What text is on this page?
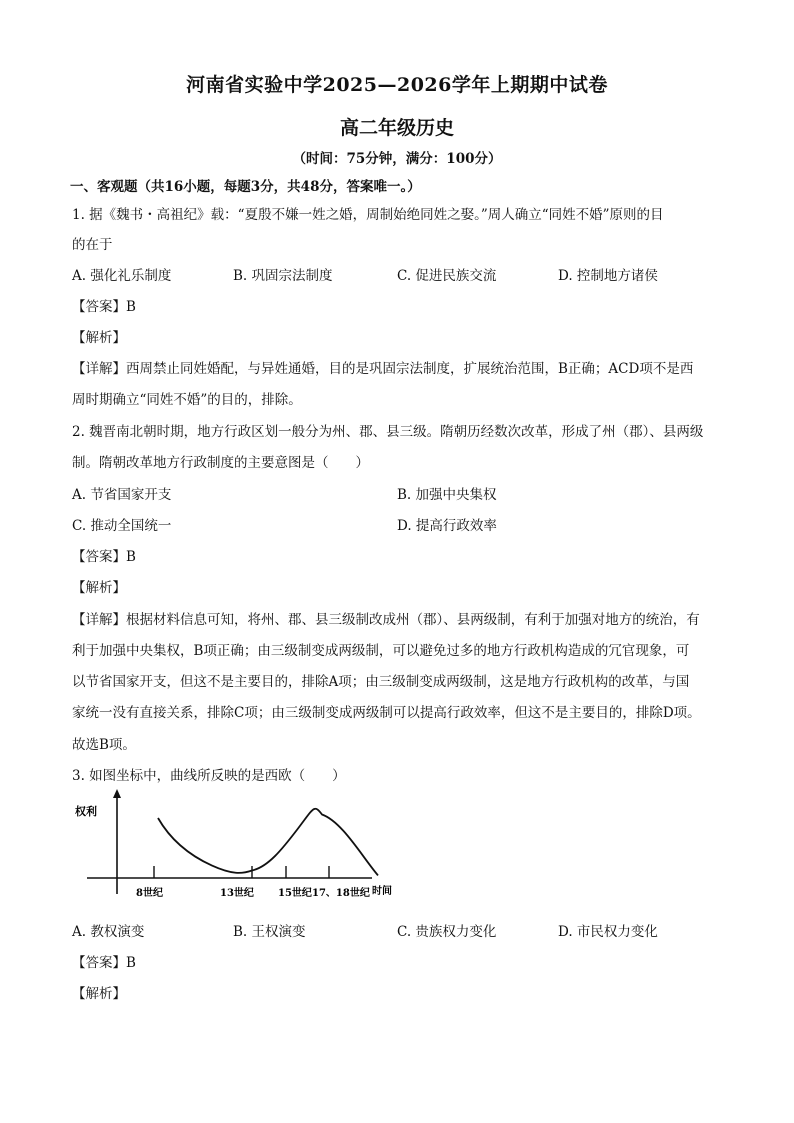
河南省实验中学2025—2026学年上期期中试卷
高二年级历史
（时间：75分钟，满分：100分）
一、客观题（共16小题，每题3分，共48分，答案唯一。）
1. 据《魏书・高祖纪》载：“夏殷不嫌一姓之婚，周制始绝同姓之娶。”周人确立“同姓不婚”原则的目
的在于
A. 强化礼乐制度	B. 巩固宗法制度	C. 促进民族交流	D. 控制地方诸侯
【答案】B
【解析】
【详解】西周禁止同姓婚配，与异姓通婚，目的是巩固宗法制度，扩展统治范围，B正确；ACD项不是西
周时期确立“同姓不婚”的目的，排除。
2. 魏晋南北朝时期，地方行政区划一般分为州、郡、县三级。隋朝历经数次改革，形成了州（郡）、县两级
制。隋朝改革地方行政制度的主要意图是（　　）
A. 节省国家开支	B. 加强中央集权
C. 推动全国统一	D. 提高行政效率
【答案】B
【解析】
【详解】根据材料信息可知，将州、郡、县三级制改成州（郡）、县两级制，有利于加强对地方的统治，有
利于加强中央集权，B项正确；由三级制变成两级制，可以避免过多的地方行政机构造成的冗官现象，可
以节省国家开支，但这不是主要目的，排除A项；由三级制变成两级制，这是地方行政机构的改革，与国
家统一没有直接关系，排除C项；由三级制变成两级制可以提高行政效率，但这不是主要目的，排除D项。
故选B项。
3. 如图坐标中，曲线所反映的是西欧（　　）
权利
8世纪	13世纪 15世纪 17、18世纪 时间
A. 教权演变	B. 王权演变	C. 贵族权力变化	D. 市民权力变化
【答案】B
【解析】
